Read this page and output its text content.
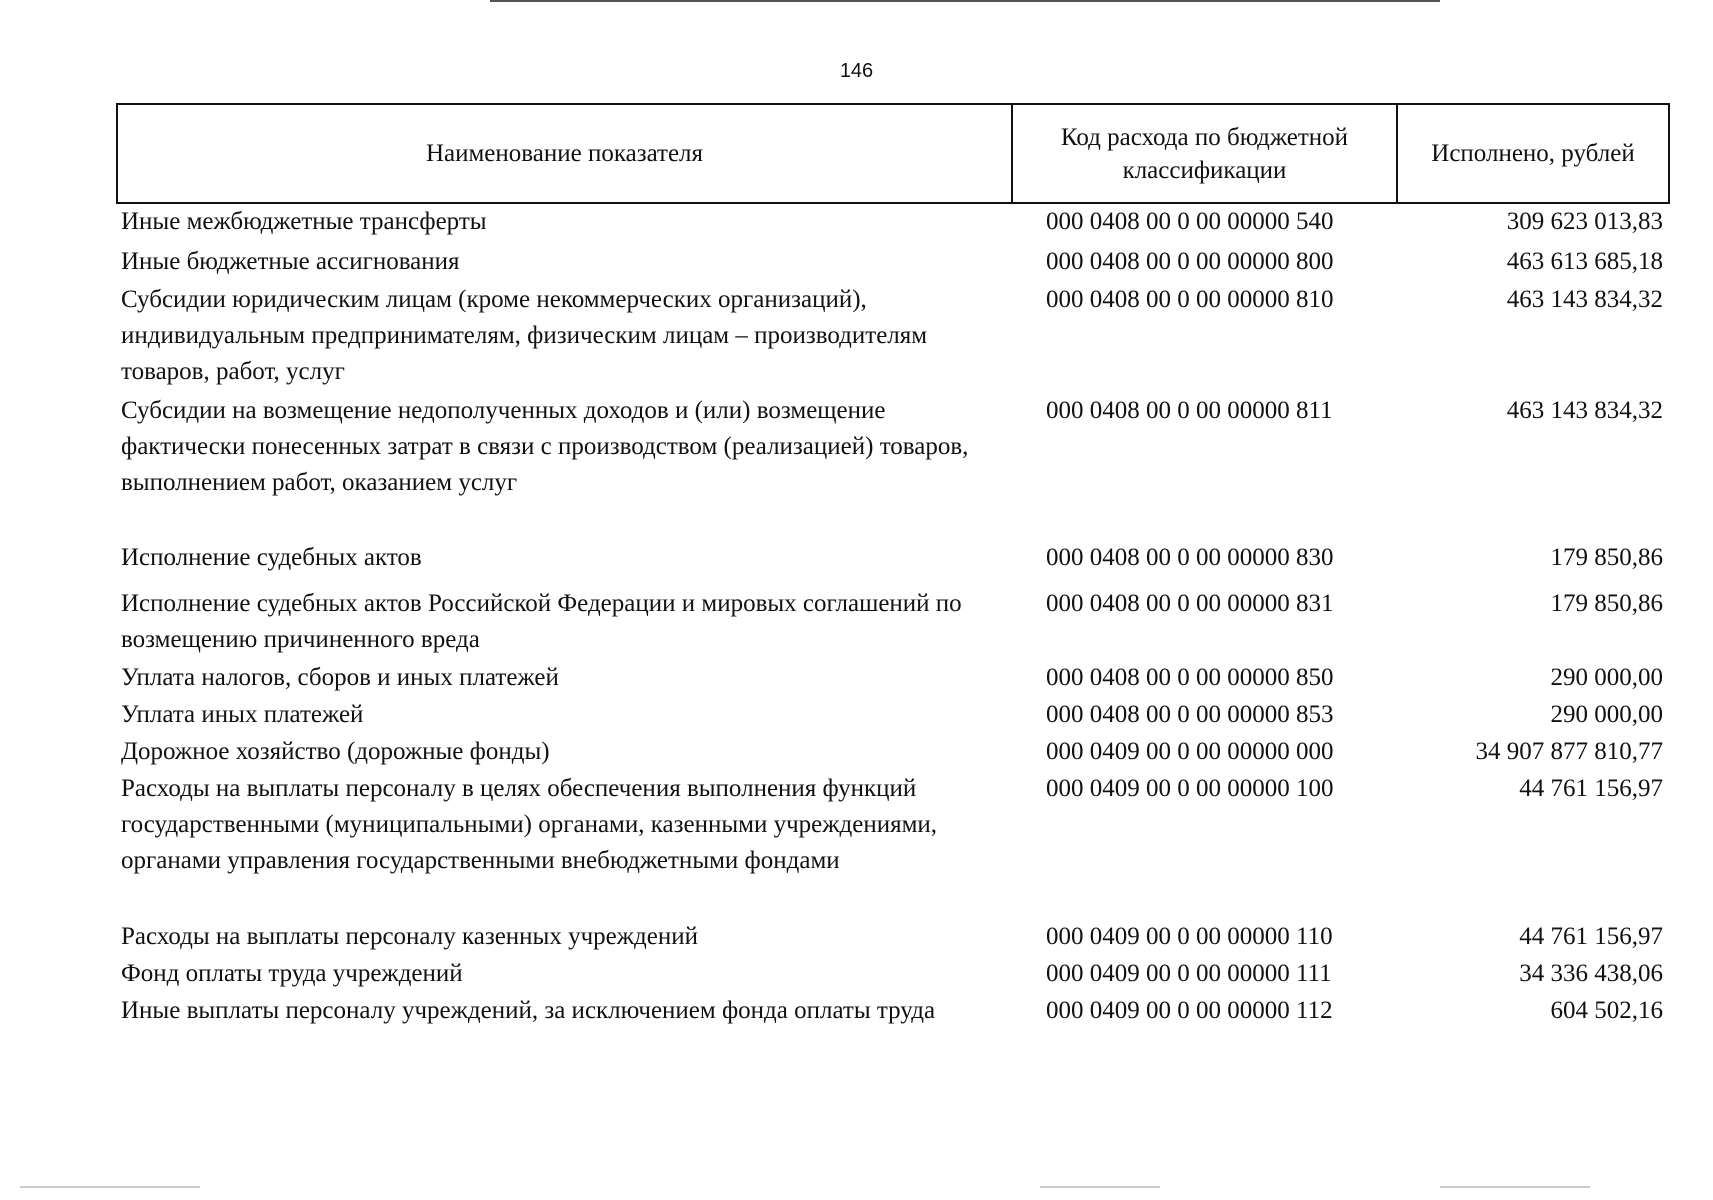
146
Наименование показателя	Код расхода по бюджетной классификации	Исполнено, рублей
Иные межбюджетные трансферты	000 0408 00 0 00 00000 540	309 623 013,83
Иные бюджетные ассигнования	000 0408 00 0 00 00000 800	463 613 685,18
Субсидии юридическим лицам (кроме некоммерческих организаций), индивидуальным предпринимателям, физическим лицам – производителям товаров, работ, услуг	000 0408 00 0 00 00000 810	463 143 834,32
Субсидии на возмещение недополученных доходов и (или) возмещение фактически понесенных затрат в связи с производством (реализацией) товаров, выполнением работ, оказанием услуг	000 0408 00 0 00 00000 811	463 143 834,32
Исполнение судебных актов	000 0408 00 0 00 00000 830	179 850,86
Исполнение судебных актов Российской Федерации и мировых соглашений по возмещению причиненного вреда	000 0408 00 0 00 00000 831	179 850,86
Уплата налогов, сборов и иных платежей	000 0408 00 0 00 00000 850	290 000,00
Уплата иных платежей	000 0408 00 0 00 00000 853	290 000,00
Дорожное хозяйство (дорожные фонды)	000 0409 00 0 00 00000 000	34 907 877 810,77
Расходы на выплаты персоналу в целях обеспечения выполнения функций государственными (муниципальными) органами, казенными учреждениями, органами управления государственными внебюджетными фондами	000 0409 00 0 00 00000 100	44 761 156,97
Расходы на выплаты персоналу казенных учреждений	000 0409 00 0 00 00000 110	44 761 156,97
Фонд оплаты труда учреждений	000 0409 00 0 00 00000 111	34 336 438,06
Иные выплаты персоналу учреждений, за исключением фонда оплаты труда	000 0409 00 0 00 00000 112	604 502,16
